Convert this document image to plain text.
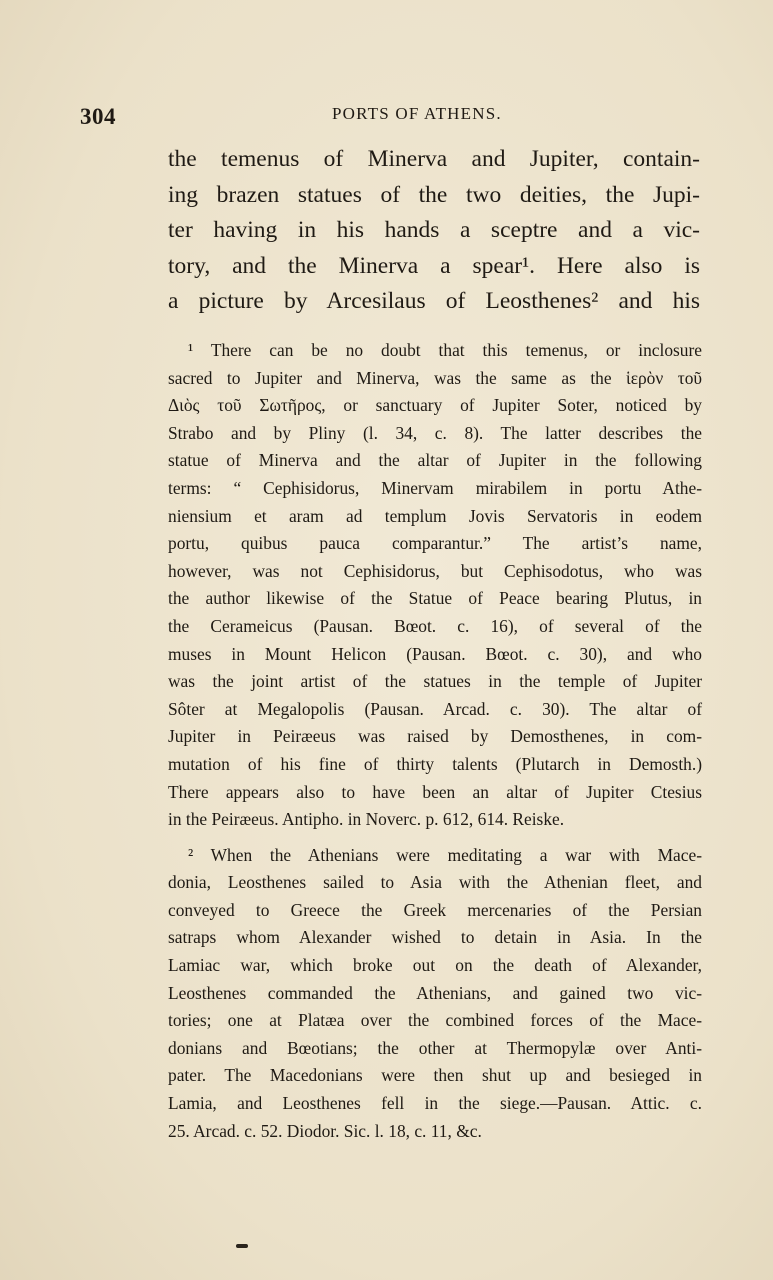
304	PORTS OF ATHENS.
the temenus of Minerva and Jupiter, contain-
ing brazen statues of the two deities, the Jupi-
ter having in his hands a sceptre and a vic-
tory, and the Minerva a spear¹. Here also is
a picture by Arcesilaus of Leosthenes² and his
¹ There can be no doubt that this temenus, or inclosure
sacred to Jupiter and Minerva, was the same as the ἱερὸν τοῦ
Διὸς τοῦ Σωτῆρος, or sanctuary of Jupiter Soter, noticed by
Strabo and by Pliny (l. 34, c. 8). The latter describes the
statue of Minerva and the altar of Jupiter in the following
terms: “ Cephisidorus, Minervam mirabilem in portu Athe-
niensium et aram ad templum Jovis Servatoris in eodem
portu, quibus pauca comparantur.” The artist’s name,
however, was not Cephisidorus, but Cephisodotus, who was
the author likewise of the Statue of Peace bearing Plutus, in
the Cerameicus (Pausan. Bœot. c. 16), of several of the
muses in Mount Helicon (Pausan. Bœot. c. 30), and who
was the joint artist of the statues in the temple of Jupiter
Sôter at Megalopolis (Pausan. Arcad. c. 30). The altar of
Jupiter in Peiræeus was raised by Demosthenes, in com-
mutation of his fine of thirty talents (Plutarch in Demosth.)
There appears also to have been an altar of Jupiter Ctesius
in the Peiræeus. Antipho. in Noverc. p. 612, 614. Reiske.
² When the Athenians were meditating a war with Mace-
donia, Leosthenes sailed to Asia with the Athenian fleet, and
conveyed to Greece the Greek mercenaries of the Persian
satraps whom Alexander wished to detain in Asia. In the
Lamiac war, which broke out on the death of Alexander,
Leosthenes commanded the Athenians, and gained two vic-
tories; one at Platæa over the combined forces of the Mace-
donians and Bœotians; the other at Thermopylæ over Anti-
pater. The Macedonians were then shut up and besieged in
Lamia, and Leosthenes fell in the siege.—Pausan. Attic. c.
25. Arcad. c. 52. Diodor. Sic. l. 18, c. 11, &c.
